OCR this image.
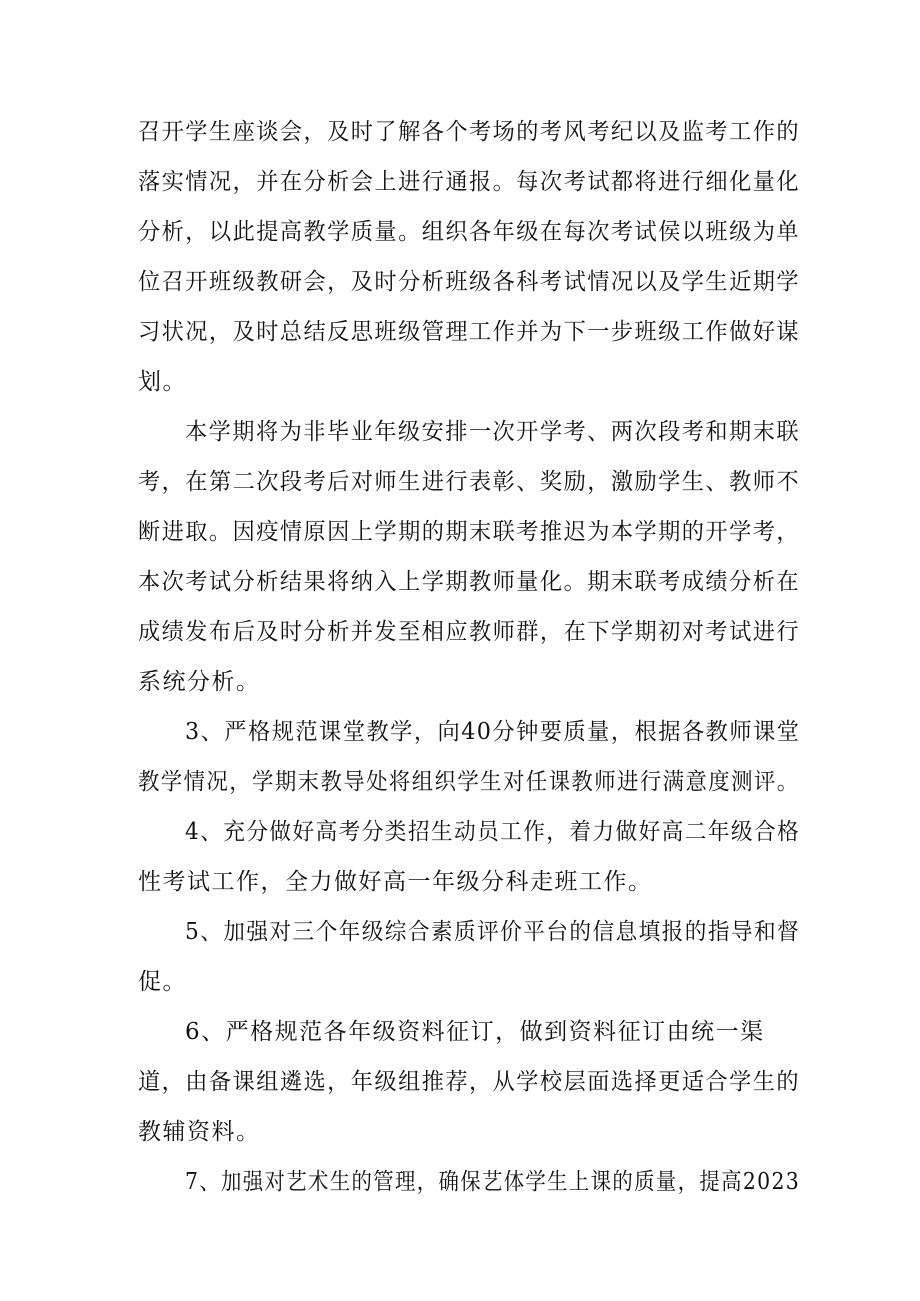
召开学生座谈会，及时了解各个考场的考风考纪以及监考工作的
落实情况，并在分析会上进行通报。每次考试都将进行细化量化
分析，以此提高教学质量。组织各年级在每次考试侯以班级为单
位召开班级教研会，及时分析班级各科考试情况以及学生近期学
习状况，及时总结反思班级管理工作并为下一步班级工作做好谋
划。
本学期将为非毕业年级安排一次开学考、两次段考和期末联
考，在第二次段考后对师生进行表彰、奖励，激励学生、教师不
断进取。因疫情原因上学期的期末联考推迟为本学期的开学考，
本次考试分析结果将纳入上学期教师量化。期末联考成绩分析在
成绩发布后及时分析并发至相应教师群，在下学期初对考试进行
系统分析。
3、严格规范课堂教学，向40分钟要质量，根据各教师课堂
教学情况，学期末教导处将组织学生对任课教师进行满意度测评。
4、充分做好高考分类招生动员工作，着力做好高二年级合格
性考试工作，全力做好高一年级分科走班工作。
5、加强对三个年级综合素质评价平台的信息填报的指导和督
促。
6、严格规范各年级资料征订，做到资料征订由统一渠
道，由备课组遴选，年级组推荐，从学校层面选择更适合学生的
教辅资料。
7、加强对艺术生的管理，确保艺体学生上课的质量，提高2023
